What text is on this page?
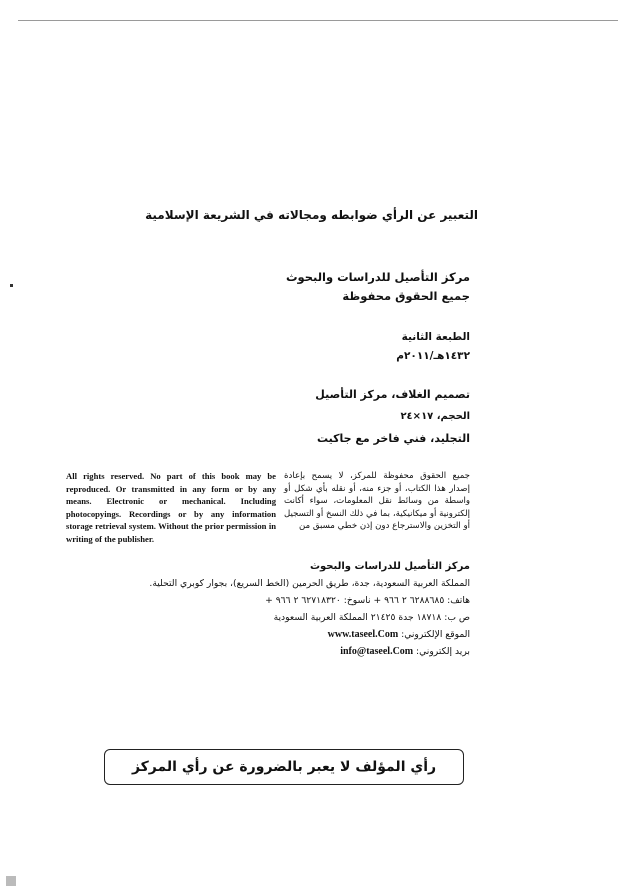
التعبير عن الرأي ضوابطه ومجالاته في الشريعة الإسلامية
مركز التأصيل للدراسات والبحوث
جميع الحقوق محفوظة
الطبعة الثانية
١٤٣٢هـ/٢٠١١م
تصميم الغلاف، مركز التأصيل
الحجم، ١٧×٢٤
التجليد، فني فاخر مع جاكيت

All rights reserved. No part of this book may be reproduced. Or transmitted in any form or by any means. Electronic or mechanical. Including photocopyings. Recordings or by any information storage retrieval system. Without the prior permission in writing of the publisher.

جميع الحقوق محفوظة للمركز، لا يسمح بإعادة إصدار هذا الكتاب، أو جزء منه، أو نقله بأي شكل أو واسطة من وسائط نقل المعلومات، سواء أكانت إلكترونية أو ميكانيكية، بما في ذلك النسخ أو التسجيل أو التخزين والاسترجاع دون إذن خطي مسبق من

مركز التأصيل للدراسات والبحوث
المملكة العربية السعودية، جدة، طريق الحرمين (الخط السريع)، بجوار كوبري التحلية.
هاتف: ٦٢٨٨٦٨٥ ٢ ٩٦٦ + ناسوخ: ٦٢٧١٨٣٢٠ ٢ ٩٦٦ +
ص ب: ١٨٧١٨ جدة ٢١٤٢٥ المملكة العربية السعودية
الموقع الإلكتروني: www.taseel.Com
بريد إلكتروني: info@taseel.Com
رأي المؤلف لا يعبر بالضرورة عن رأي المركز
